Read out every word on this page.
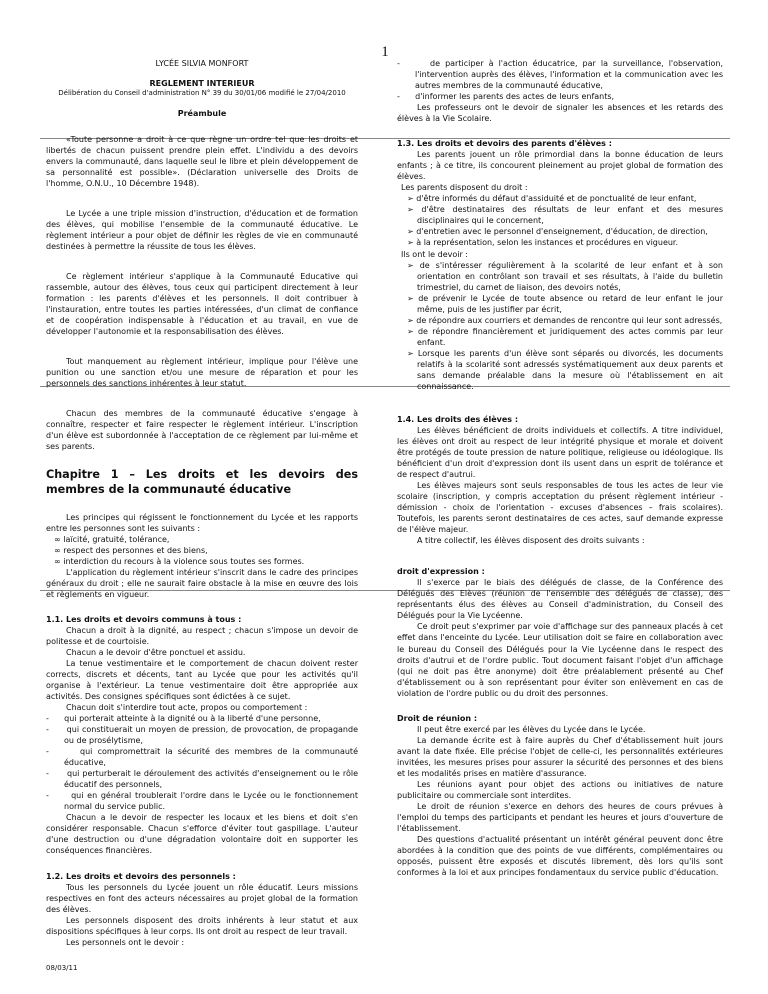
1

LYCÉE SILVIA MONFORT

REGLEMENT INTERIEUR

Délibération du Conseil d'administration N° 39 du 30/01/06 modifié le 27/04/2010

Préambule

«Toute personne a droit à ce que règne un ordre tel que les droits et libertés de chacun puissent prendre plein effet. L'individu a des devoirs envers la communauté, dans laquelle seul le libre et plein développement de sa personnalité est possible». (Déclaration universelle des Droits de l'homme, O.N.U., 10 Décembre 1948).

Le Lycée a une triple mission d'instruction, d'éducation et de formation des élèves, qui mobilise l'ensemble de la communauté éducative. Le règlement intérieur a pour objet de définir les règles de vie en communauté destinées à permettre la réussite de tous les élèves.

Ce règlement intérieur s'applique à la Communauté Educative qui rassemble, autour des élèves, tous ceux qui participent directement à leur formation : les parents d'élèves et les personnels. Il doit contribuer à l'instauration, entre toutes les parties intéressées, d'un climat de confiance et de coopération indispensable à l'éducation et au travail, en vue de développer l'autonomie et la responsabilisation des élèves.

Tout manquement au règlement intérieur, implique pour l'élève une punition ou une sanction et/ou une mesure de réparation et pour les personnels des sanctions inhérentes à leur statut.

Chacun des membres de la communauté éducative s'engage à connaître, respecter et faire respecter le règlement intérieur. L'inscription d'un élève est subordonnée à l'acceptation de ce règlement par lui-même et ses parents.

Chapitre 1 – Les droits et les devoirs des membres de la communauté éducative

Les principes qui régissent le fonctionnement du Lycée et les rapports entre les personnes sont les suivants :

∞ laïcité, gratuité, tolérance,

∞ respect des personnes et des biens,

∞ interdiction du recours à la violence sous toutes ses formes.

L'application du règlement intérieur s'inscrit dans le cadre des principes généraux du droit ; elle ne saurait faire obstacle à la mise en œuvre des lois et règlements en vigueur.

1.1. Les droits et devoirs communs à tous :

Chacun a droit à la dignité, au respect ; chacun s'impose un devoir de politesse et de courtoisie.

Chacun a le devoir d'être ponctuel et assidu.

La tenue vestimentaire et le comportement de chacun doivent rester corrects, discrets et décents, tant au Lycée que pour les activités qu'il organise à l'extérieur. La tenue vestimentaire doit être appropriée aux activités. Des consignes spécifiques sont édictées à ce sujet.

Chacun doit s'interdire tout acte, propos ou comportement :

-      qui porterait atteinte à la dignité ou à la liberté d'une personne,

-      qui constituerait un moyen de pression, de provocation, de propagande ou de prosélytisme,

-      qui compromettrait la sécurité des membres de la communauté éducative,

-      qui perturberait le déroulement des activités d'enseignement ou le rôle éducatif des personnels,

-      qui en général troublerait l'ordre dans le Lycée ou le fonctionnement normal du service public.

Chacun a le devoir de respecter les locaux et les biens et doit s'en considérer responsable. Chacun s'efforce d'éviter tout gaspillage. L'auteur d'une destruction ou d'une dégradation volontaire doit en supporter les conséquences financières.

1.2. Les droits et devoirs des personnels :

Tous les personnels du Lycée jouent un rôle éducatif. Leurs missions respectives en font des acteurs nécessaires au projet global de la formation des élèves.

Les personnels disposent des droits inhérents à leur statut et aux dispositions spécifiques à leur corps. Ils ont droit au respect de leur travail.

Les personnels ont le devoir :

-      de participer à l'action éducatrice, par la surveillance, l'observation, l'intervention auprès des élèves, l'information et la communication avec les autres membres de la communauté éducative,

-      d'informer les parents des actes de leurs enfants,

Les professeurs ont le devoir de signaler les absences et les retards des élèves à la Vie Scolaire.

1.3. Les droits et devoirs des parents d'élèves :

Les parents jouent un rôle primordial dans la bonne éducation de leurs enfants ; à ce titre, ils concourent pleinement au projet global de formation des élèves.

Les parents disposent du droit :

➢ d'être informés du défaut d'assiduité et de ponctualité de leur enfant,

➢ d'être destinataires des résultats de leur enfant et des mesures disciplinaires qui le concernent,

➢ d'entretien avec le personnel d'enseignement, d'éducation, de direction,

➢ à la représentation, selon les instances et procédures en vigueur.

Ils ont le devoir :

➢ de s'intéresser régulièrement à la scolarité de leur enfant et à son orientation en contrôlant son travail et ses résultats, à l'aide du bulletin trimestriel, du carnet de liaison, des devoirs notés,

➢ de prévenir le Lycée de toute absence ou retard de leur enfant le jour même, puis de les justifier par écrit,

➢ de répondre aux courriers et demandes de rencontre qui leur sont adressés,

➢ de répondre financièrement et juridiquement des actes commis par leur enfant.

➢ Lorsque les parents d'un élève sont séparés ou divorcés, les documents relatifs à la scolarité sont adressés systématiquement aux deux parents et sans demande préalable dans la mesure où l'établissement en ait connaissance.

1.4. Les droits des élèves :

Les élèves bénéficient de droits individuels et collectifs. A titre individuel, les élèves ont droit au respect de leur intégrité physique et morale et doivent être protégés de toute pression de nature politique, religieuse ou idéologique. Ils bénéficient d'un droit d'expression dont ils usent dans un esprit de tolérance et de respect d'autrui.

Les élèves majeurs sont seuls responsables de tous les actes de leur vie scolaire (inscription, y compris acceptation du présent règlement intérieur - démission - choix de l'orientation - excuses d'absences – frais scolaires). Toutefois, les parents seront destinataires de ces actes, sauf demande expresse de l'élève majeur.

A titre collectif, les élèves disposent des droits suivants :

droit d'expression :

Il s'exerce par le biais des délégués de classe, de la Conférence des Délégués des Elèves (réunion de l'ensemble des délégués de classe), des représentants élus des élèves au Conseil d'administration, du Conseil des Délégués pour la Vie Lycéenne.

Ce droit peut s'exprimer par voie d'affichage sur des panneaux placés à cet effet dans l'enceinte du Lycée. Leur utilisation doit se faire en collaboration avec le bureau du Conseil des Délégués pour la Vie Lycéenne dans le respect des droits d'autrui et de l'ordre public. Tout document faisant l'objet d'un affichage (qui ne doit pas être anonyme) doit être préalablement présenté au Chef d'établissement ou à son représentant pour éviter son enlèvement en cas de violation de l'ordre public ou du droit des personnes.

Droit de réunion :

Il peut être exercé par les élèves du Lycée dans le Lycée.

La demande écrite est à faire auprès du Chef d'établissement huit jours avant la date fixée. Elle précise l'objet de celle-ci, les personnalités extérieures invitées, les mesures prises pour assurer la sécurité des personnes et des biens et les modalités prises en matière d'assurance.

Les réunions ayant pour objet des actions ou initiatives de nature publicitaire ou commerciale sont interdites.

Le droit de réunion s'exerce en dehors des heures de cours prévues à l'emploi du temps des participants et pendant les heures et jours d'ouverture de l'établissement.

Des questions d'actualité présentant un intérêt général peuvent donc être abordées à la condition que des points de vue différents, complémentaires ou opposés, puissent être exposés et discutés librement, dès lors qu'ils sont conformes à la loi et aux principes fondamentaux du service public d'éducation.

08/03/11
